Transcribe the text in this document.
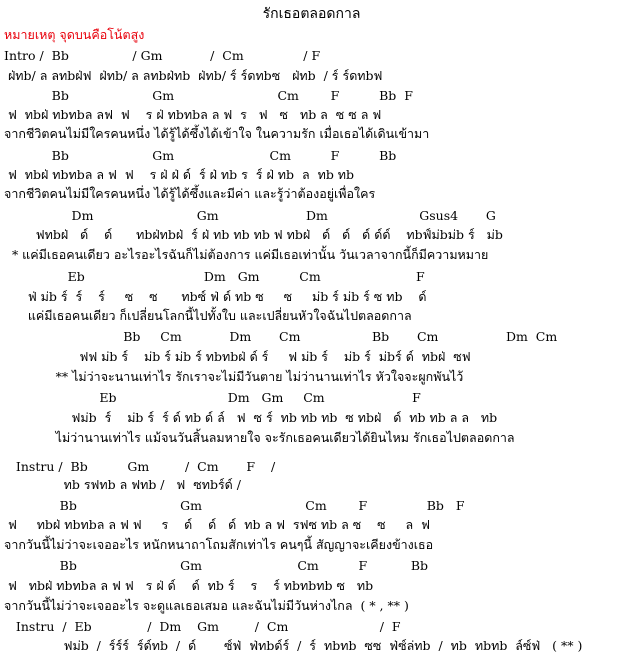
รักเธอตลอดกาล
หมายเหตุ จุดบนคือโน้ตสูง
Intro /  Bb                / Gm            /  Cm               / F
ฝ่ทb/ ล ลทbฝ่ฟ  ฝ่ทb/ ล ลทbฝ่ทb  ฝ่ทb/ ร์ ร์ดทbซ   ฝ่ทb  / ร์ ร์ดทbฟ
Bb                     Gm                          Cm        F          Bb  F
ฟ  ทbฝ่ ทbทbล ลฟ  ฟ    ร ฝ่ ทbทbล ล ฟ  ร   ฟ   ซ   ทb ล  ซ ซ ล ฟ
จากชีวิตคนไม่มีใครคนหนึ่ง ได้รู้ได้ซึ้งได้เข้าใจ ในความรัก เมื่อเธอได้เดินเข้ามา
Bb                     Gm                        Cm          F          Bb
ฟ  ทbฝ่ ทbทbล ล ฟ  ฟ    ร ฝ่ ฝ่ ด์  ร์ ฝ่ ทb ร  ร์ ฝ่ ทb  ล  ทb ทb
จากชีวิตคนไม่มีใครคนหนึ่ง ได้รู้ได้ซึ้งและมีค่า และรู้ว่าต้องอยู่เพื่อใคร
Dm                          Gm                      Dm                       Gsus4       G
ฟทbฝ่   ด์    ด์      ทbฝ่ทbฝ่  ร์ ฝ่ ทb ทb ทb ฟ ทbฝ่   ด์   ด์   ด์ ด์ด์    ทbฟ์ม่bม่b ร์   ม่b
* แค่มีเธอคนเดียว อะไรอะไรฉันก็ไม่ต้องการ แค่มีเธอเท่านั้น วันเวลาจากนี้ก็มีความหมาย
Eb                              Dm   Gm          Cm                        F
ฟ่ ม่b ร์  ร์    ร์     ซ    ซ      ทbซ์ ฟ่ ด์ ทb ซ     ซ     ม่b ร์ ม่b ร์ ซ ทb    ด์
แค่มีเธอคนเดียว ก็เปลี่ยนโลกนี้ไปทั้งใบ และเปลี่ยนหัวใจฉันไปตลอดกาล
Bb     Cm            Dm       Cm                  Bb       Cm                 Dm  Cm
ฟฟ ม่b ร์    ม่b ร์ ม่b ร์ ทbทbฝ่ ด์ ร์     ฟ ม่b ร์    ม่b ร์  ม่bร์ ด์  ทbฝ่  ซฟ
** ไม่ว่าจะนานเท่าไร รักเราจะไม่มีวันตาย ไม่ว่านานเท่าไร หัวใจจะผูกพันไว้
Eb                            Dm   Gm     Cm                      F
ฟม่b  ร์    ม่b ร์  ร์ ด์ ทb ด์ ล์   ฟ  ซ ร์  ทb ทb ทb  ซ ทbฝ่   ด์  ทb ทb ล ล   ทb
ไม่ว่านานเท่าไร แม้จนวันสิ้นลมหายใจ จะรักเธอคนเดียวได้ยินไหม รักเธอไปตลอดกาล
Instru /  Bb          Gm         /  Cm       F    /
ทb รฟทb ล ฟทb /   ฟ  ซทbร์ด์ /
Bb                          Gm                          Cm        F               Bb   F
ฟ     ทbฝ่ ทbทbล ล ฟ ฟ     ร    ด์    ด์   ด์  ทb ล ฟ  รฟซ ทb ล ซ    ซ     ล  ฟ
จากวันนี้ไม่ว่าจะเจออะไร หนักหนาถาโถมสักเท่าไร คนๆนี้ สัญญาจะเคียงข้างเธอ
Bb                          Gm                        Cm          F           Bb
ฟ   ทbฝ่ ทbทbล ล ฟ ฟ   ร ฝ่ ด์    ด์  ทb ร์    ร    ร์ ทbทbทb ซ   ทb
จากวันนี้ไม่ว่าจะเจออะไร จะดูแลเธอเสมอ และฉันไม่มีวันห่างไกล  ( * , ** )
Instru  /  Eb              /  Dm    Gm         /  Cm                       /  F
ฟม่b  /  ร์ร์ร์  ร์ด์ทb  /  ด์       ซ์ฟ่  ฟ่ทbด์ร์  /  ร์  ทbทb  ซซ  ฟ่ซ์ล่ทb  /  ทb  ทbทb  ล์ซ์ฟ่   ( ** )
